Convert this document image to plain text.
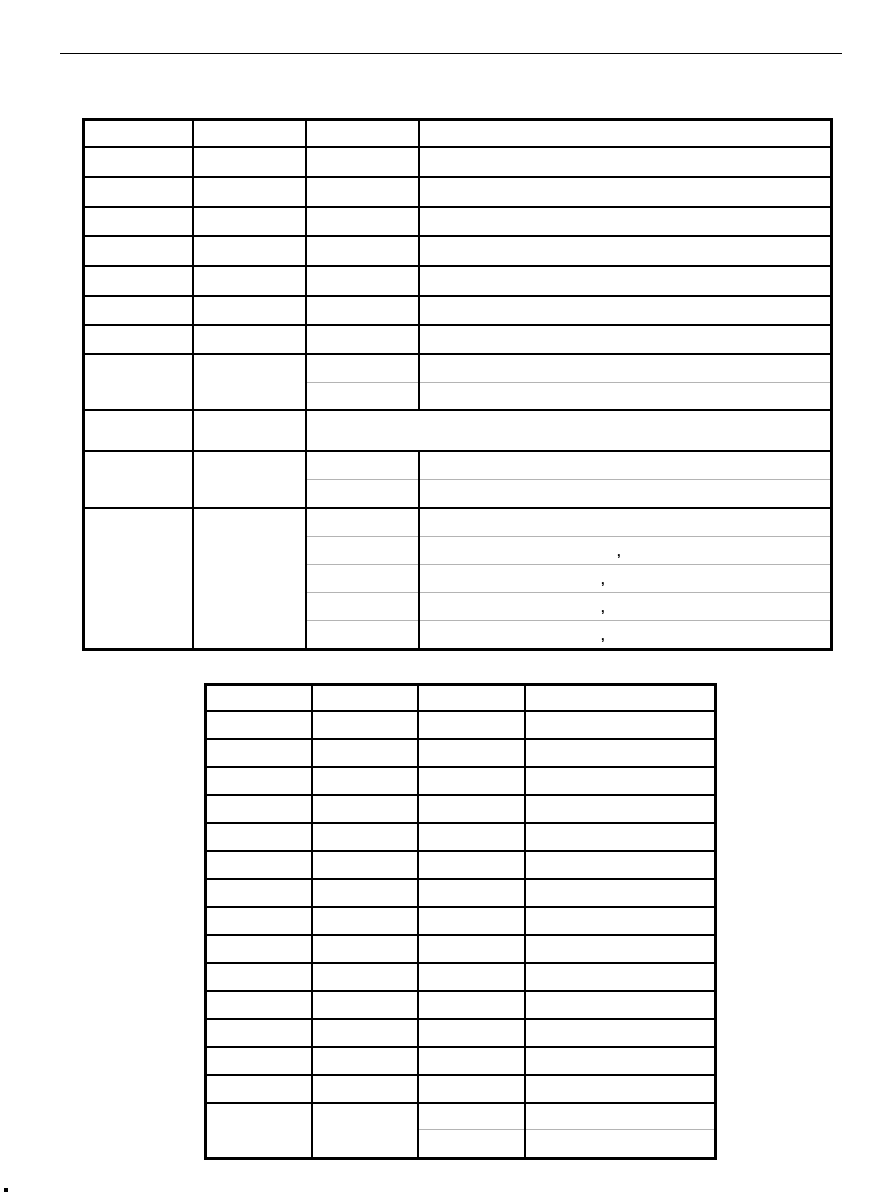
,
,
,
,
